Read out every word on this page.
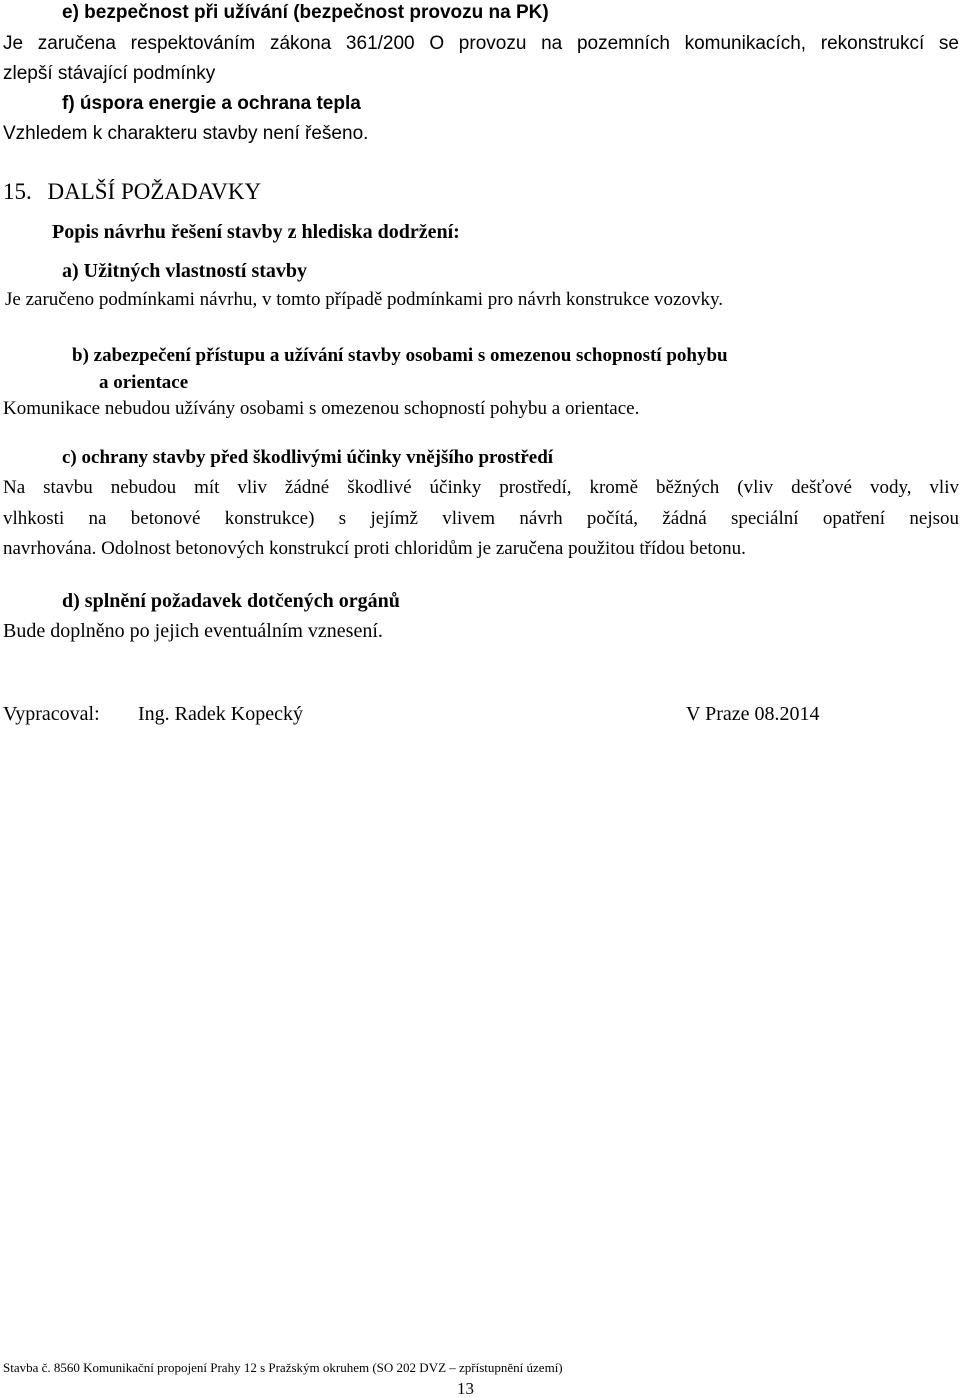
e) bezpečnost při užívání (bezpečnost provozu na PK)
Je zaručena respektováním zákona 361/200 O provozu na pozemních komunikacích, rekonstrukcí se
zlepší stávající podmínky
f) úspora energie a ochrana tepla
Vzhledem k charakteru stavby není řešeno.
15. DALŠÍ POŽADAVKY
Popis návrhu řešení stavby z hlediska dodržení:
a) Užitných vlastností stavby
Je zaručeno podmínkami návrhu, v tomto případě podmínkami pro návrh konstrukce vozovky.
b) zabezpečení přístupu a užívání stavby osobami s omezenou schopností pohybu
a orientace
Komunikace nebudou užívány osobami s omezenou schopností pohybu a orientace.
c) ochrany stavby před škodlivými účinky vnějšího prostředí
Na stavbu nebudou mít vliv žádné škodlivé účinky prostředí, kromě běžných (vliv dešťové vody, vliv
vlhkosti na betonové konstrukce) s jejímž vlivem návrh počítá, žádná speciální opatření nejsou
navrhována. Odolnost betonových konstrukcí proti chloridům je zaručena použitou třídou betonu.
d) splnění požadavek dotčených orgánů
Bude doplněno po jejich eventuálním vznesení.
Vypracoval: Ing. Radek Kopecký	V Praze 08.2014
Stavba č. 8560 Komunikační propojení Prahy 12 s Pražským okruhem (SO 202 DVZ – zpřístupnění území)
13
